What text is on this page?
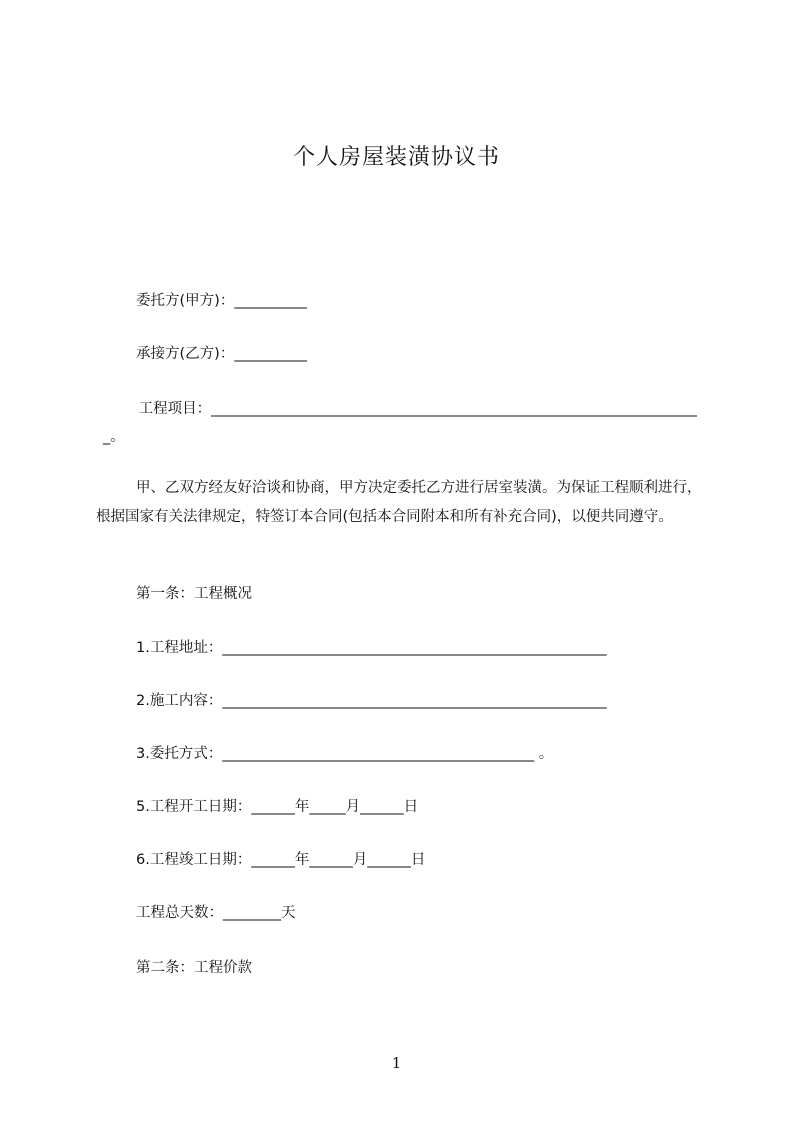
个人房屋装潢协议书
委托方(甲方)：__________
承接方(乙方)：__________
工程项目：___________________________________________________________________
_。
甲、乙双方经友好洽谈和协商，甲方决定委托乙方进行居室装潢。为保证工程顺利进行，根据国家有关法律规定，特签订本合同(包括本合同附本和所有补充合同)，以便共同遵守。
第一条：工程概况
1.工程地址：_____________________________________________________
2.施工内容：_____________________________________________________
3.委托方式：___________________________________________ 。
5.工程开工日期：______年_____月______日
6.工程竣工日期：______年______月______日
工程总天数：________天
第二条：工程价款
1
